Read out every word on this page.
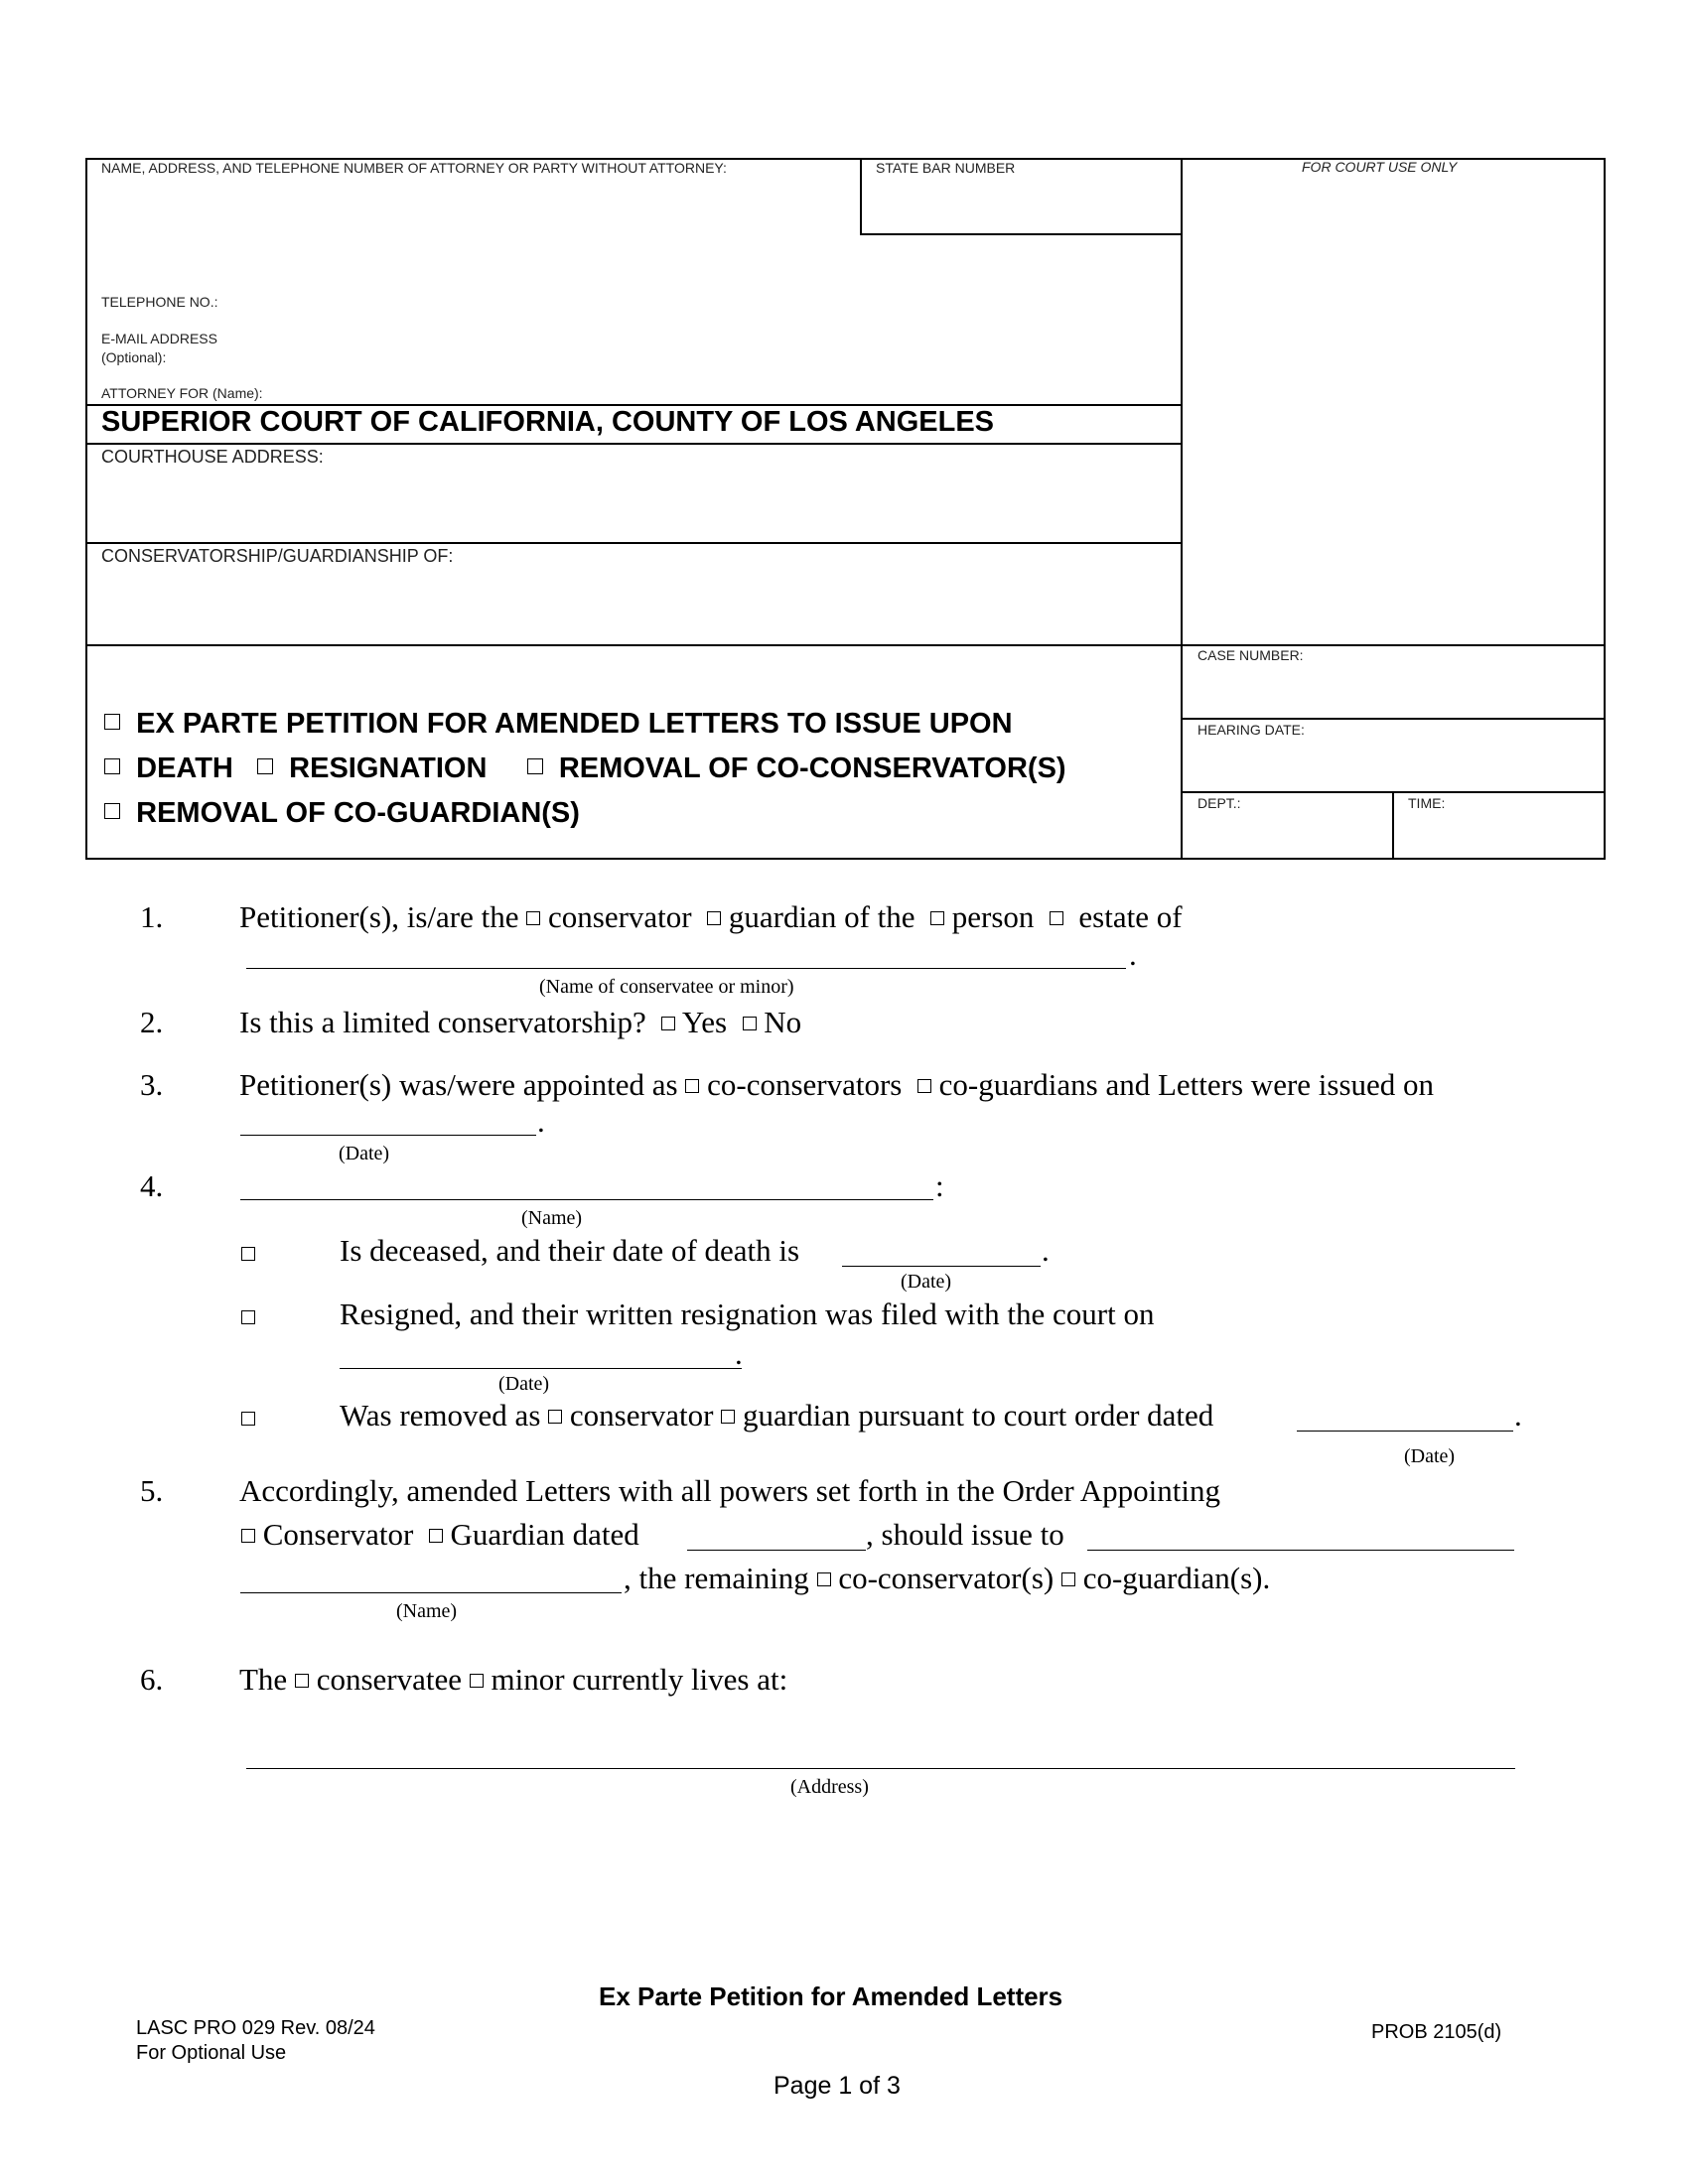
NAME, ADDRESS, AND TELEPHONE NUMBER OF ATTORNEY OR PARTY WITHOUT ATTORNEY:	STATE BAR NUMBER	FOR COURT USE ONLY
TELEPHONE NO.:
E-MAIL ADDRESS
(Optional):
ATTORNEY FOR (Name):
SUPERIOR COURT OF CALIFORNIA, COUNTY OF LOS ANGELES
COURTHOUSE ADDRESS:
CONSERVATORSHIP/GUARDIANSHIP OF:
CASE NUMBER:
HEARING DATE:
DEPT.:	TIME:
EX PARTE PETITION FOR AMENDED LETTERS TO ISSUE UPON
DEATH RESIGNATION REMOVAL OF CO-CONSERVATOR(S)
REMOVAL OF CO-GUARDIAN(S)
1. Petitioner(s), is/are the conservator guardian of the person estate of
.
(Name of conservatee or minor)
2. Is this a limited conservatorship? Yes No
3. Petitioner(s) was/were appointed as co-conservators co-guardians and Letters were issued on
.
(Date)
4.	:
(Name)
Is deceased, and their date of death is	.
(Date)
Resigned, and their written resignation was filed with the court on
.
(Date)
Was removed as conservator guardian pursuant to court order dated	.
(Date)
5. Accordingly, amended Letters with all powers set forth in the Order Appointing
Conservator Guardian dated	, should issue to
, the remaining co-conservator(s) co-guardian(s).
(Name)
6. The conservatee minor currently lives at:
(Address)
Ex Parte Petition for Amended Letters
LASC PRO 029 Rev. 08/24
For Optional Use
PROB 2105(d)
Page 1 of 3
